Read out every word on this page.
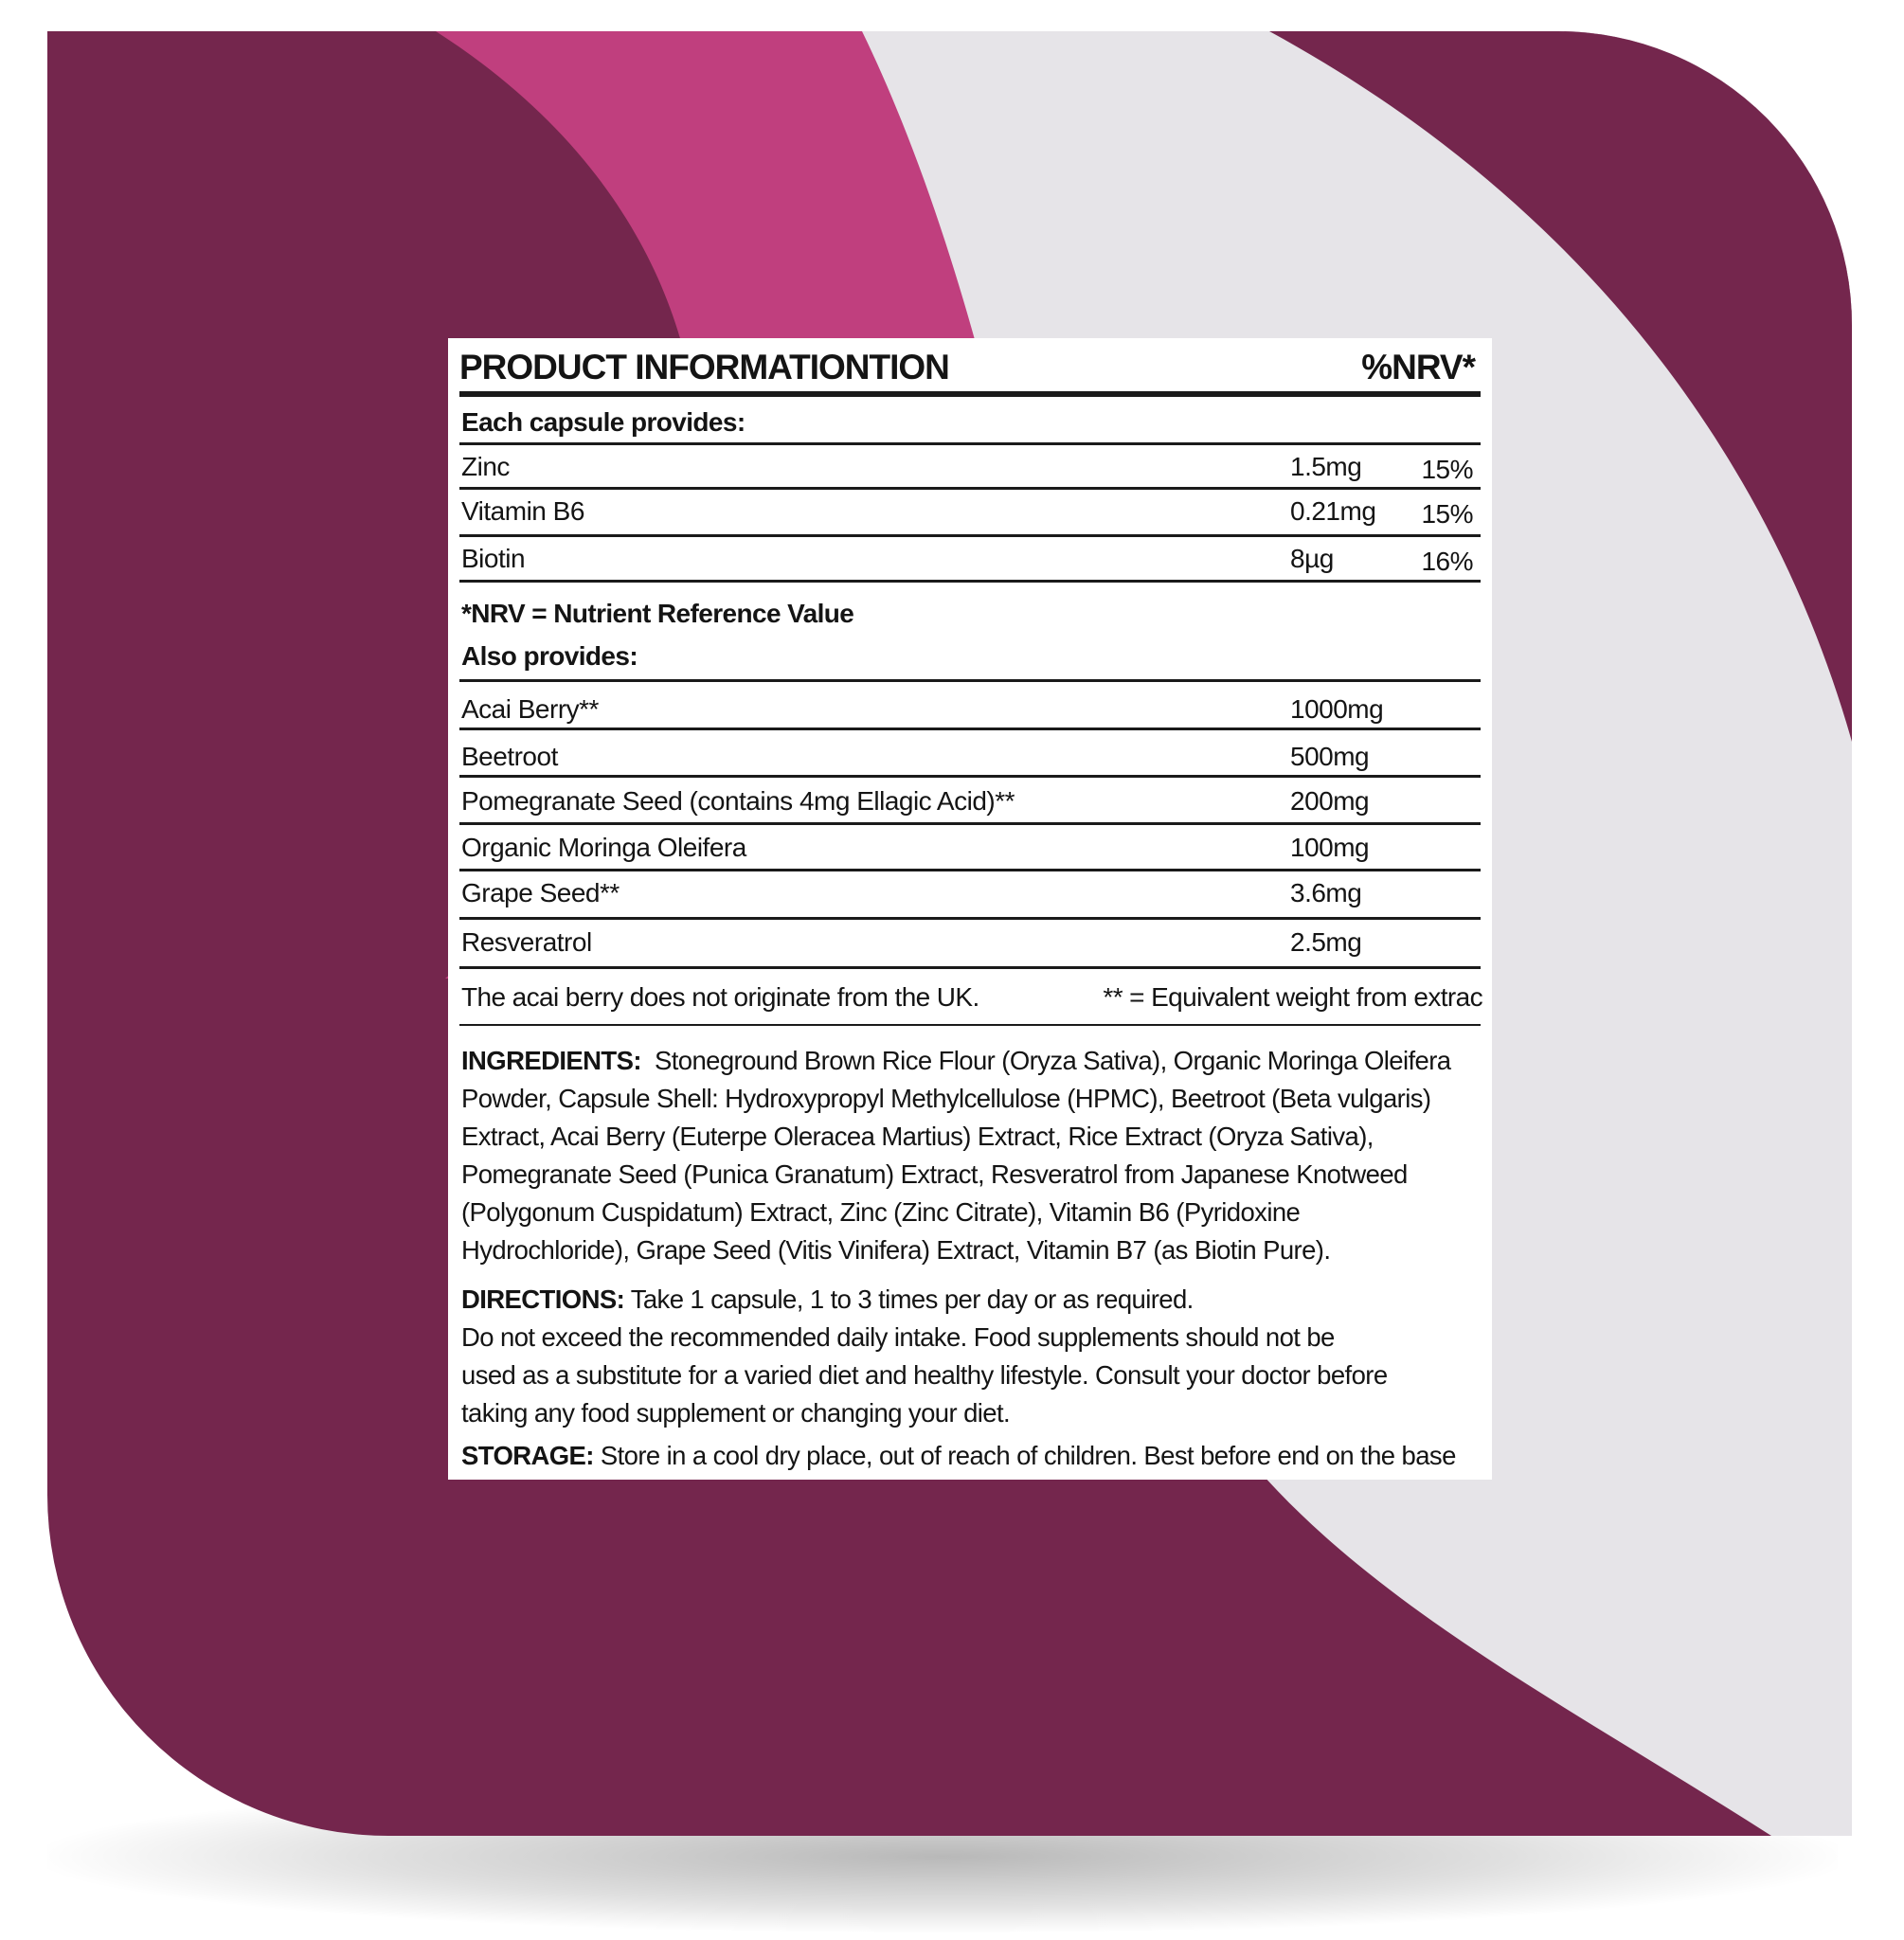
PRODUCT INFORMATIONTION	%NRV*
Each capsule provides:
Zinc	1.5mg 15%
Vitamin B6	0.21mg 15%
Biotin	8µg	16%
*NRV = Nutrient Reference Value
Also provides:
Acai Berry**	1000mg
Beetroot	500mg
Pomegranate Seed (contains 4mg Ellagic Acid)**	200mg
Organic Moringa Oleifera	100mg
Grape Seed**	3.6mg
Resveratrol	2.5mg
The acai berry does not originate from the UK.	** = Equivalent weight from extrac
INGREDIENTS: Stoneground Brown Rice Flour (Oryza Sativa), Organic Moringa Oleifera
Powder, Capsule Shell: Hydroxypropyl Methylcellulose (HPMC), Beetroot (Beta vulgaris)
Extract, Acai Berry (Euterpe Oleracea Martius) Extract, Rice Extract (Oryza Sativa),
Pomegranate Seed (Punica Granatum) Extract, Resveratrol from Japanese Knotweed
(Polygonum Cuspidatum) Extract, Zinc (Zinc Citrate), Vitamin B6 (Pyridoxine
Hydrochloride), Grape Seed (Vitis Vinifera) Extract, Vitamin B7 (as Biotin Pure).
DIRECTIONS: Take 1 capsule, 1 to 3 times per day or as required.
Do not exceed the recommended daily intake. Food supplements should not be
used as a substitute for a varied diet and healthy lifestyle. Consult your doctor before
taking any food supplement or changing your diet.
STORAGE: Store in a cool dry place, out of reach of children. Best before end on the base
